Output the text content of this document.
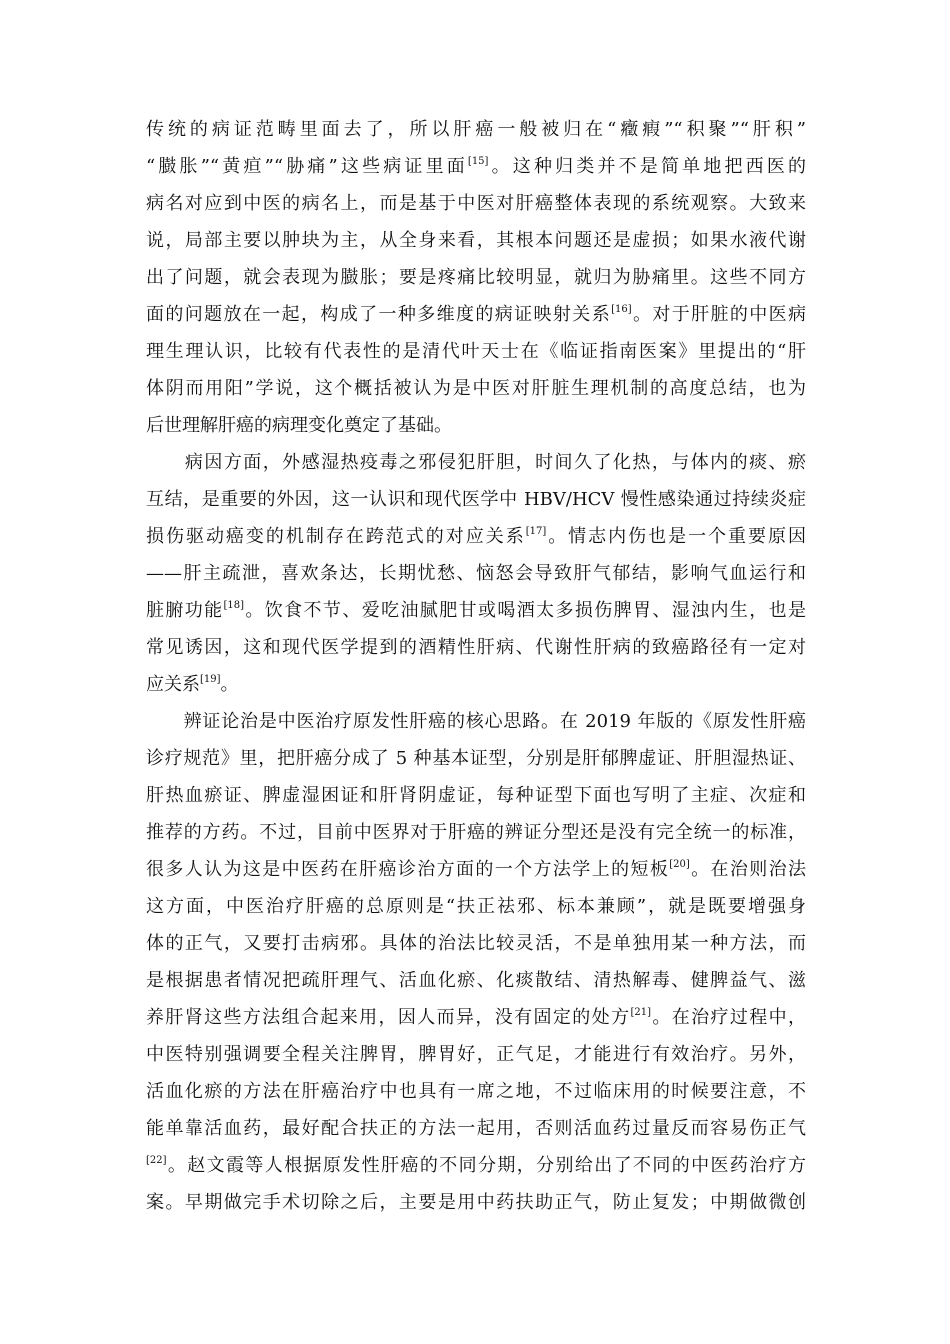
传统的病证范畴里面去了，所以肝癌一般被归在“癥瘕”“积聚”“肝积”
“臌胀”“黄疸”“胁痛”这些病证里面[15]。这种归类并不是简单地把西医的
病名对应到中医的病名上，而是基于中医对肝癌整体表现的系统观察。大致来
说，局部主要以肿块为主，从全身来看，其根本问题还是虚损；如果水液代谢
出了问题，就会表现为臌胀；要是疼痛比较明显，就归为胁痛里。这些不同方
面的问题放在一起，构成了一种多维度的病证映射关系[16]。对于肝脏的中医病
理生理认识，比较有代表性的是清代叶天士在《临证指南医案》里提出的“肝
体阴而用阳”学说，这个概括被认为是中医对肝脏生理机制的高度总结，也为
后世理解肝癌的病理变化奠定了基础。
　　病因方面，外感湿热疫毒之邪侵犯肝胆，时间久了化热，与体内的痰、瘀
互结，是重要的外因，这一认识和现代医学中 HBV/HCV 慢性感染通过持续炎症
损伤驱动癌变的机制存在跨范式的对应关系[17]。情志内伤也是一个重要原因
——肝主疏泄，喜欢条达，长期忧愁、恼怒会导致肝气郁结，影响气血运行和
脏腑功能[18]。饮食不节、爱吃油腻肥甘或喝酒太多损伤脾胃、湿浊内生，也是
常见诱因，这和现代医学提到的酒精性肝病、代谢性肝病的致癌路径有一定对
应关系[19]。
　　辨证论治是中医治疗原发性肝癌的核心思路。在 2019 年版的《原发性肝癌
诊疗规范》里，把肝癌分成了 5 种基本证型，分别是肝郁脾虚证、肝胆湿热证、
肝热血瘀证、脾虚湿困证和肝肾阴虚证，每种证型下面也写明了主症、次症和
推荐的方药。不过，目前中医界对于肝癌的辨证分型还是没有完全统一的标准，
很多人认为这是中医药在肝癌诊治方面的一个方法学上的短板[20]。在治则治法
这方面，中医治疗肝癌的总原则是“扶正祛邪、标本兼顾”，就是既要增强身
体的正气，又要打击病邪。具体的治法比较灵活，不是单独用某一种方法，而
是根据患者情况把疏肝理气、活血化瘀、化痰散结、清热解毒、健脾益气、滋
养肝肾这些方法组合起来用，因人而异，没有固定的处方[21]。在治疗过程中，
中医特别强调要全程关注脾胃，脾胃好，正气足，才能进行有效治疗。另外，
活血化瘀的方法在肝癌治疗中也具有一席之地，不过临床用的时候要注意，不
能单靠活血药，最好配合扶正的方法一起用，否则活血药过量反而容易伤正气
[22]。赵文霞等人根据原发性肝癌的不同分期，分别给出了不同的中医药治疗方
案。早期做完手术切除之后，主要是用中药扶助正气，防止复发；中期做微创
